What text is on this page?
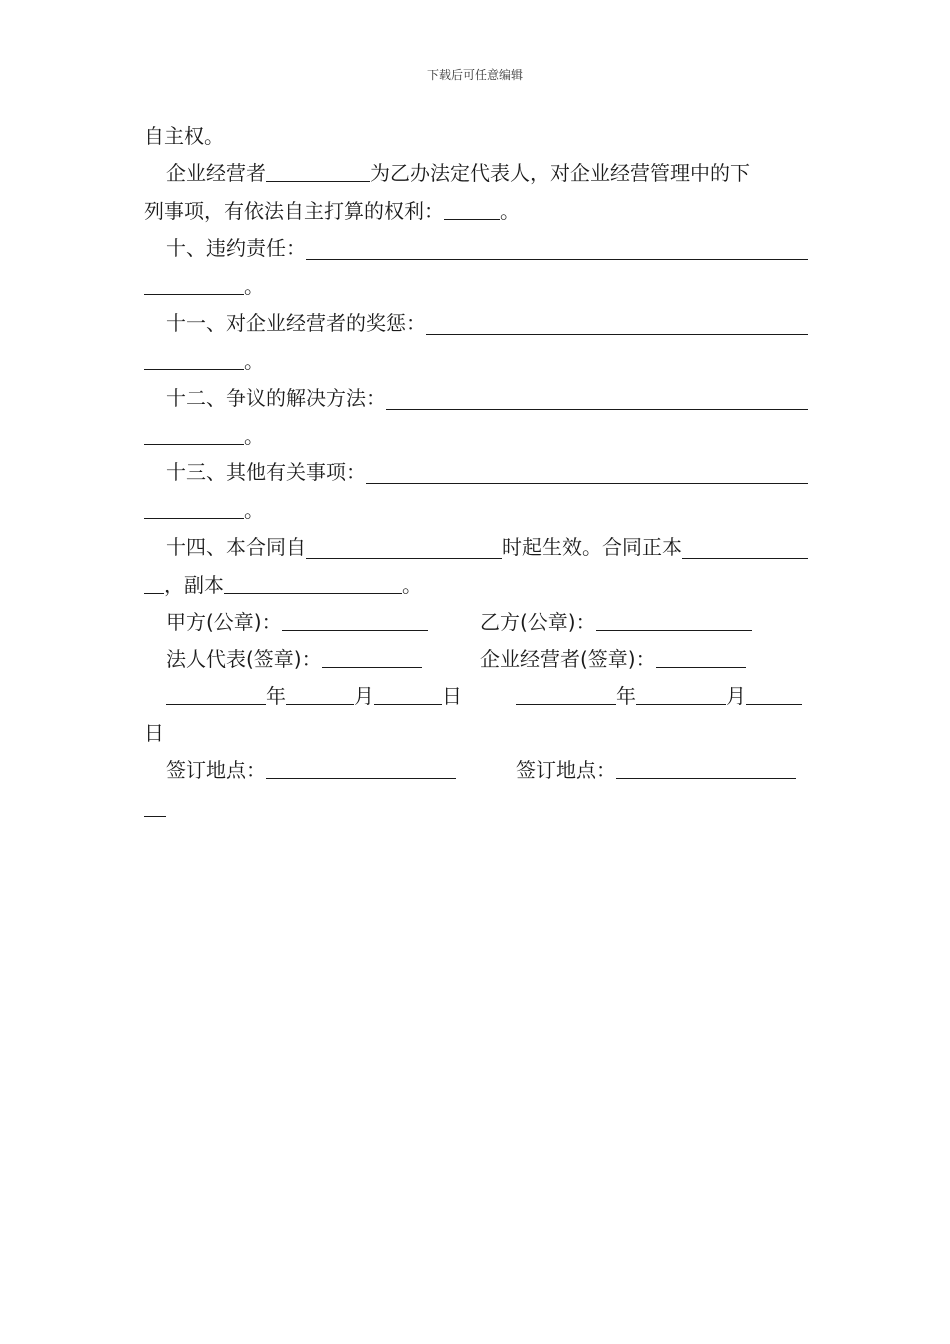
下载后可任意编辑
自主权。
企业经营者	为乙办法定代表人，对企业经营管理中的下
列事项，有依法自主打算的权利：	。
十、违约责任：
。
十一、对企业经营者的奖惩：
。
十二、争议的解决方法：
。
十三、其他有关事项：
。
十四、本合同自	时起生效。合同正本
，副本	。
甲方(公章)：	乙方(公章)：
法人代表(签章)：	企业经营者(签章)：
年	月	日	年	月
日
签订地点：	签订地点：
